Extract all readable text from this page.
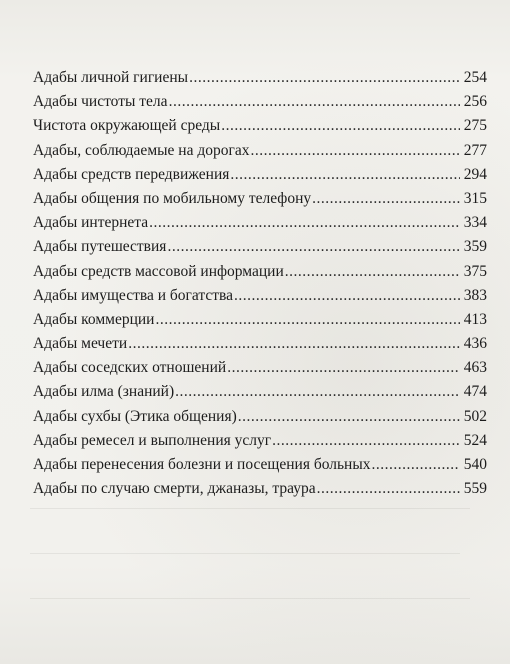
Адабы личной гигиены .....	254
Адабы чистоты тела .....	256
Чистота окружающей среды .....	275
Адабы, соблюдаемые на дорогах .....	277
Адабы средств передвижения .....	294
Адабы общения по мобильному телефону .....	315
Адабы интернета .....	334
Адабы путешествия .....	359
Адабы средств массовой информации .....	375
Адабы имущества и богатства .....	383
Адабы коммерции .....	413
Адабы мечети .....	436
Адабы соседских отношений .....	463
Адабы илма (знаний) .....	474
Адабы сухбы (Этика общения) .....	502
Адабы ремесел и выполнения услуг .....	524
Адабы перенесения болезни и посещения больных .....	540
Адабы по случаю смерти, джаназы, траура .....	559
